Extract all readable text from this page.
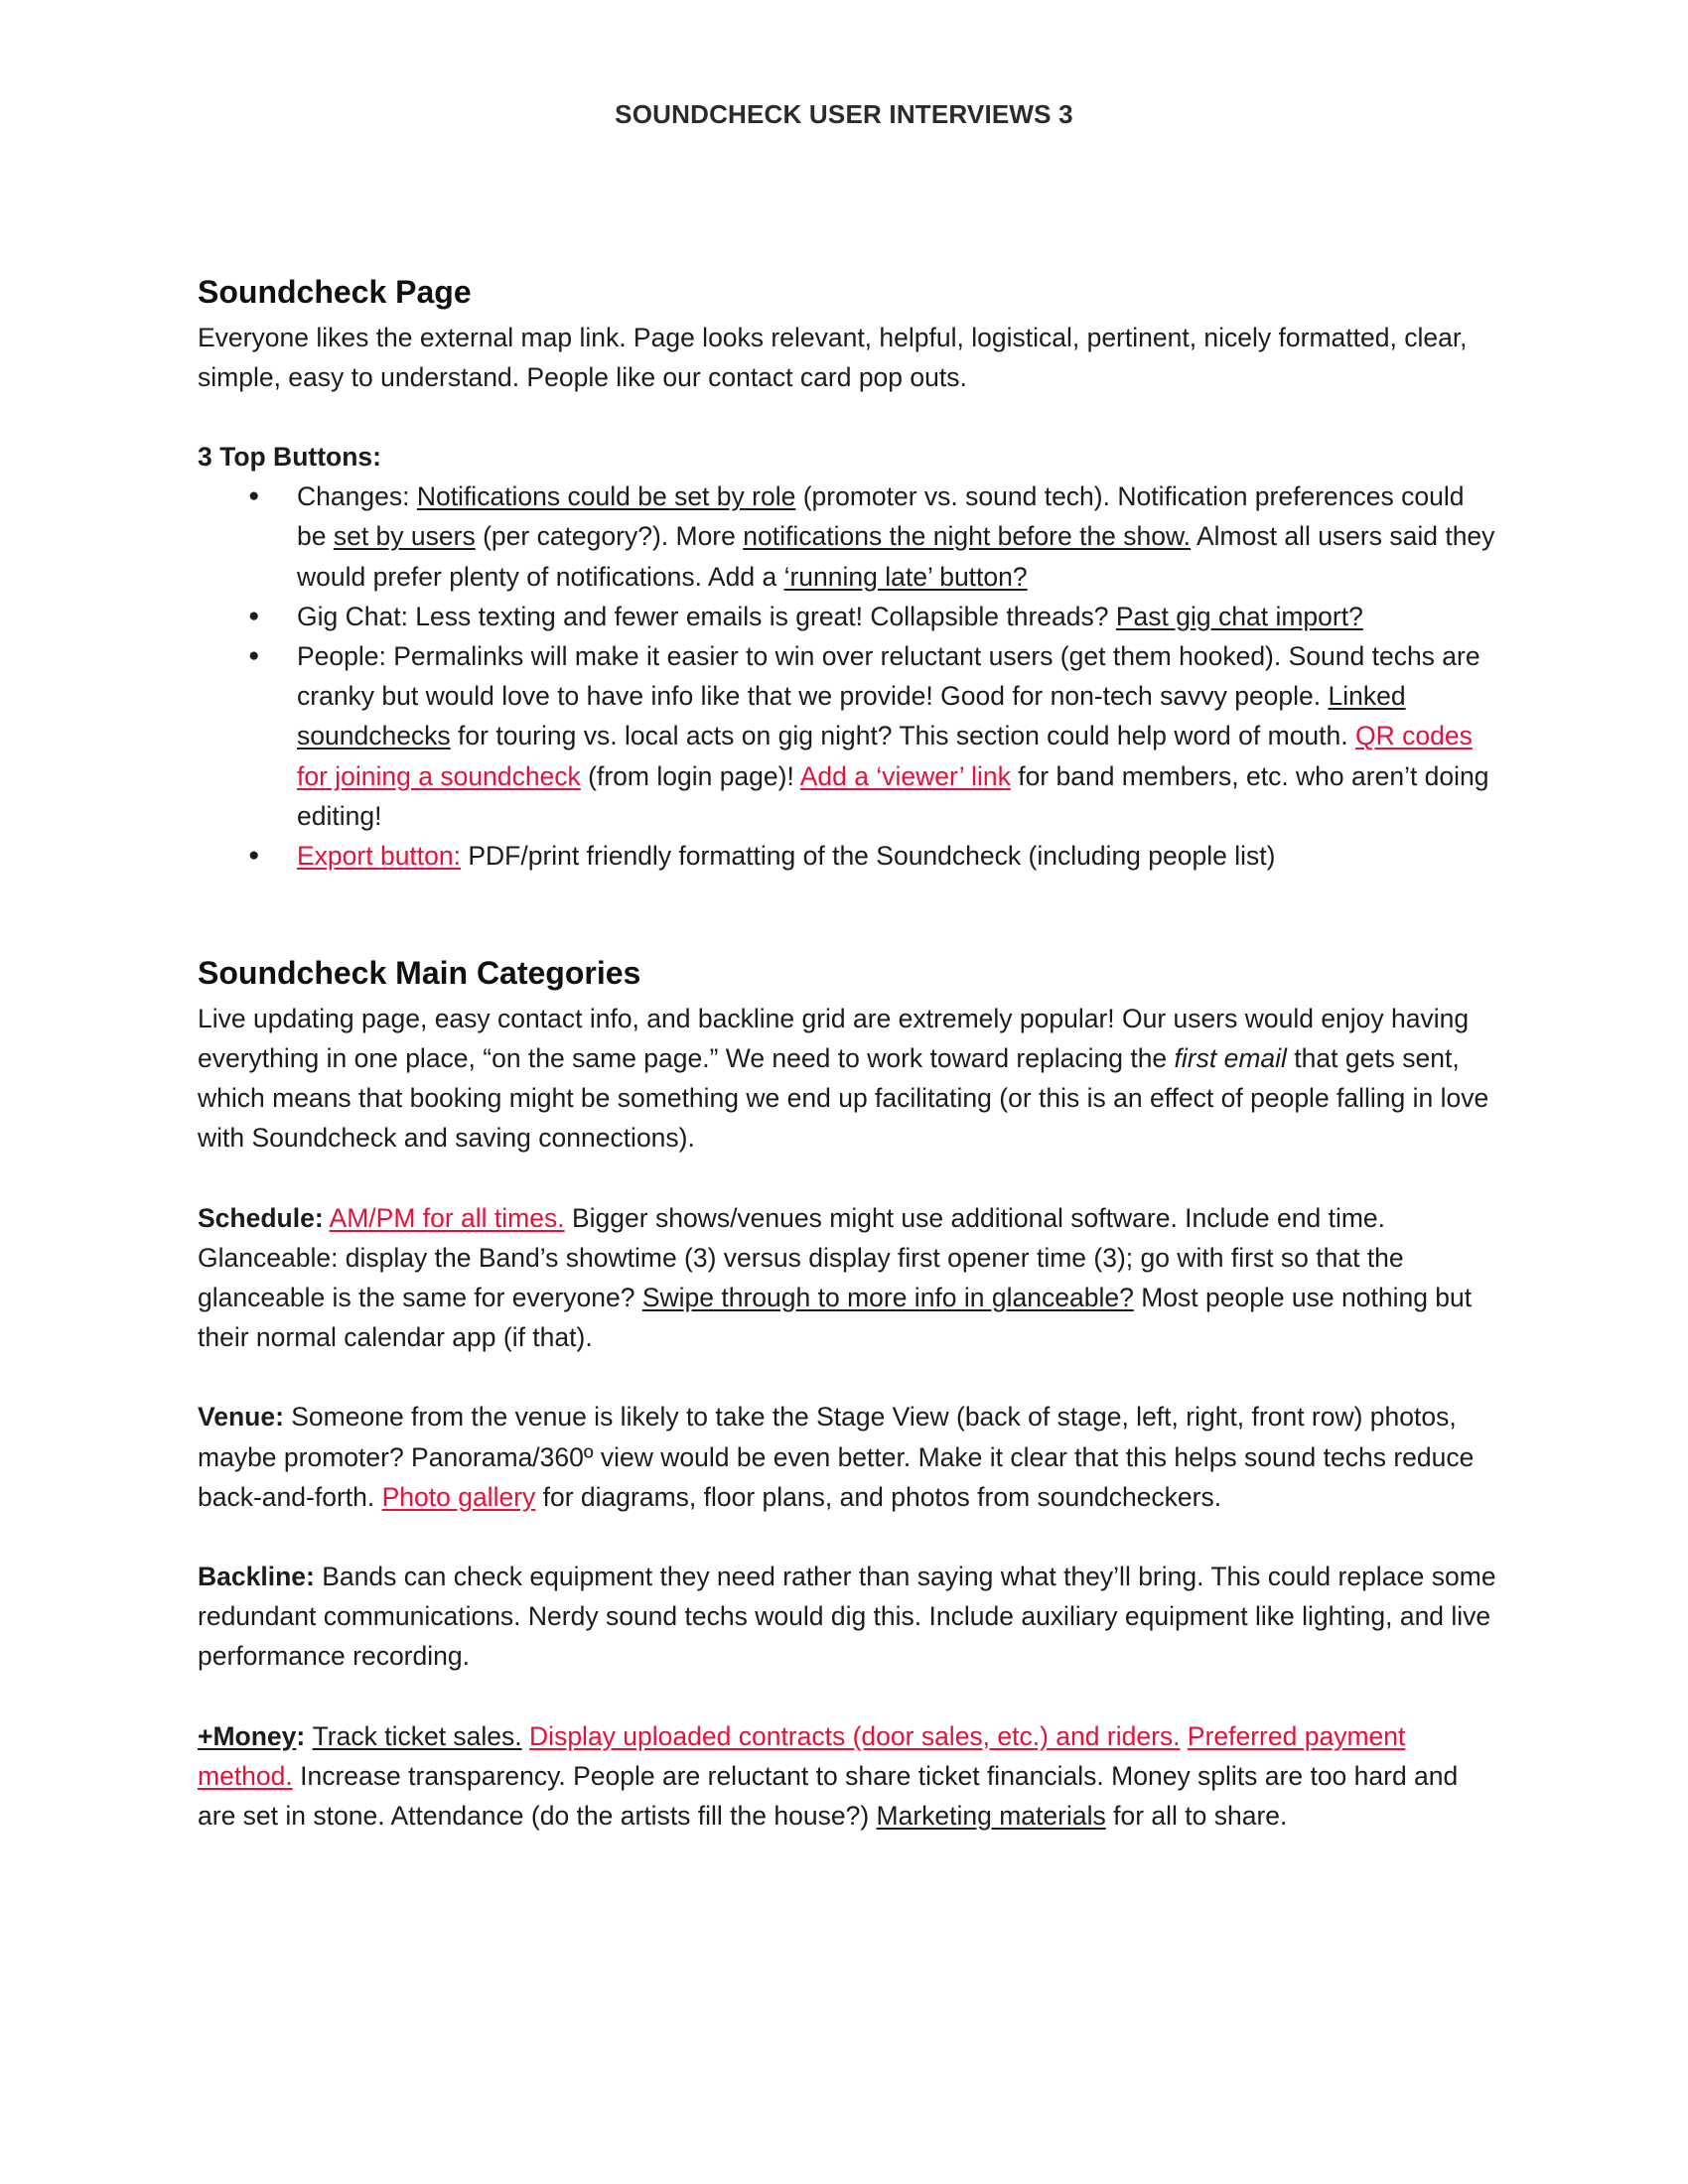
SOUNDCHECK USER INTERVIEWS 3
Soundcheck Page

Everyone likes the external map link. Page looks relevant, helpful, logistical, pertinent, nicely formatted, clear, simple, easy to understand. People like our contact card pop outs.

3 Top Buttons:

● Changes: Notifications could be set by role (promoter vs. sound tech). Notification preferences could be set by users (per category?). More notifications the night before the show. Almost all users said they would prefer plenty of notifications. Add a ‘running late’ button?
● Gig Chat: Less texting and fewer emails is great! Collapsible threads? Past gig chat import?
● People: Permalinks will make it easier to win over reluctant users (get them hooked). Sound techs are cranky but would love to have info like that we provide! Good for non-tech savvy people. Linked soundchecks for touring vs. local acts on gig night? This section could help word of mouth. QR codes for joining a soundcheck (from login page)! Add a ‘viewer’ link for band members, etc. who aren’t doing editing!
● Export button: PDF/print friendly formatting of the Soundcheck (including people list)
Soundcheck Main Categories

Live updating page, easy contact info, and backline grid are extremely popular! Our users would enjoy having everything in one place, “on the same page.” We need to work toward replacing the first email that gets sent, which means that booking might be something we end up facilitating (or this is an effect of people falling in love with Soundcheck and saving connections).

Schedule: AM/PM for all times. Bigger shows/venues might use additional software. Include end time. Glanceable: display the Band’s showtime (3) versus display first opener time (3); go with first so that the glanceable is the same for everyone? Swipe through to more info in glanceable? Most people use nothing but their normal calendar app (if that).

Venue: Someone from the venue is likely to take the Stage View (back of stage, left, right, front row) photos, maybe promoter? Panorama/360º view would be even better. Make it clear that this helps sound techs reduce back-and-forth. Photo gallery for diagrams, floor plans, and photos from soundcheckers.

Backline: Bands can check equipment they need rather than saying what they’ll bring. This could replace some redundant communications. Nerdy sound techs would dig this. Include auxiliary equipment like lighting, and live performance recording.

+Money: Track ticket sales. Display uploaded contracts (door sales, etc.) and riders. Preferred payment method. Increase transparency. People are reluctant to share ticket financials. Money splits are too hard and are set in stone. Attendance (do the artists fill the house?) Marketing materials for all to share.
